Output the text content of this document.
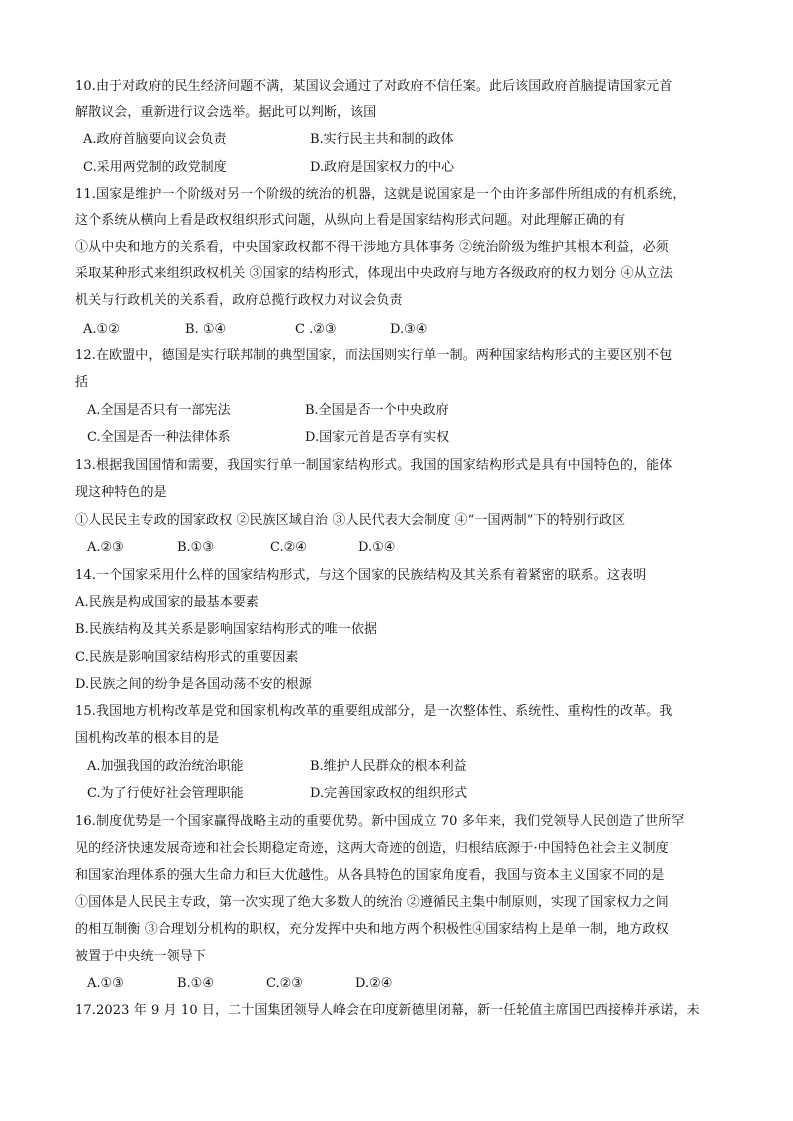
10.由于对政府的民生经济问题不满，某国议会通过了对政府不信任案。此后该国政府首脑提请国家元首
解散议会，重新进行议会选举。据此可以判断，该国
A.政府首脑要向议会负责	B.实行民主共和制的政体
C.采用两党制的政党制度	D.政府是国家权力的中心
11.国家是维护一个阶级对另一个阶级的统治的机器，这就是说国家是一个由许多部件所组成的有机系统，
这个系统从横向上看是政权组织形式问题，从纵向上看是国家结构形式问题。对此理解正确的有
①从中央和地方的关系看，中央国家政权都不得干涉地方具体事务 ②统治阶级为维护其根本利益，必须
采取某种形式来组织政权机关 ③国家的结构形式，体现出中央政府与地方各级政府的权力划分 ④从立法
机关与行政机关的关系看，政府总揽行政权力对议会负责
A.①②	B. ①④	C .②③	D.③④
12.在欧盟中，德国是实行联邦制的典型国家，而法国则实行单一制。两种国家结构形式的主要区别不包
括
A.全国是否只有一部宪法	B.全国是否一个中央政府
C.全国是否一种法律体系	D.国家元首是否享有实权
13.根据我国国情和需要，我国实行单一制国家结构形式。我国的国家结构形式是具有中国特色的，能体
现这种特色的是
①人民民主专政的国家政权 ②民族区域自治 ③人民代表大会制度 ④“一国两制”下的特别行政区
A.②③	B.①③	C.②④	D.①④
14.一个国家采用什么样的国家结构形式，与这个国家的民族结构及其关系有着紧密的联系。这表明
A.民族是构成国家的最基本要素
B.民族结构及其关系是影响国家结构形式的唯一依据
C.民族是影响国家结构形式的重要因素
D.民族之间的纷争是各国动荡不安的根源
15.我国地方机构改革是党和国家机构改革的重要组成部分，是一次整体性、系统性、重构性的改革。我
国机构改革的根本目的是
A.加强我国的政治统治职能	B.维护人民群众的根本利益
C.为了行使好社会管理职能	D.完善国家政权的组织形式
16.制度优势是一个国家赢得战略主动的重要优势。新中国成立 70 多年来，我们党领导人民创造了世所罕
见的经济快速发展奇迹和社会长期稳定奇迹，这两大奇迹的创造，归根结底源于·中国特色社会主义制度
和国家治理体系的强大生命力和巨大优越性。从各具特色的国家角度看，我国与资本主义国家不同的是
①国体是人民民主专政，第一次实现了绝大多数人的统治 ②遵循民主集中制原则，实现了国家权力之间
的相互制衡 ③合理划分机构的职权，充分发挥中央和地方两个积极性④国家结构上是单一制，地方政权
被置于中央统一领导下
A.①③	B.①④	C.②③	D.②④
17.2023 年 9 月 10 日，二十国集团领导人峰会在印度新德里闭幕，新一任轮值主席国巴西接棒并承诺，未
